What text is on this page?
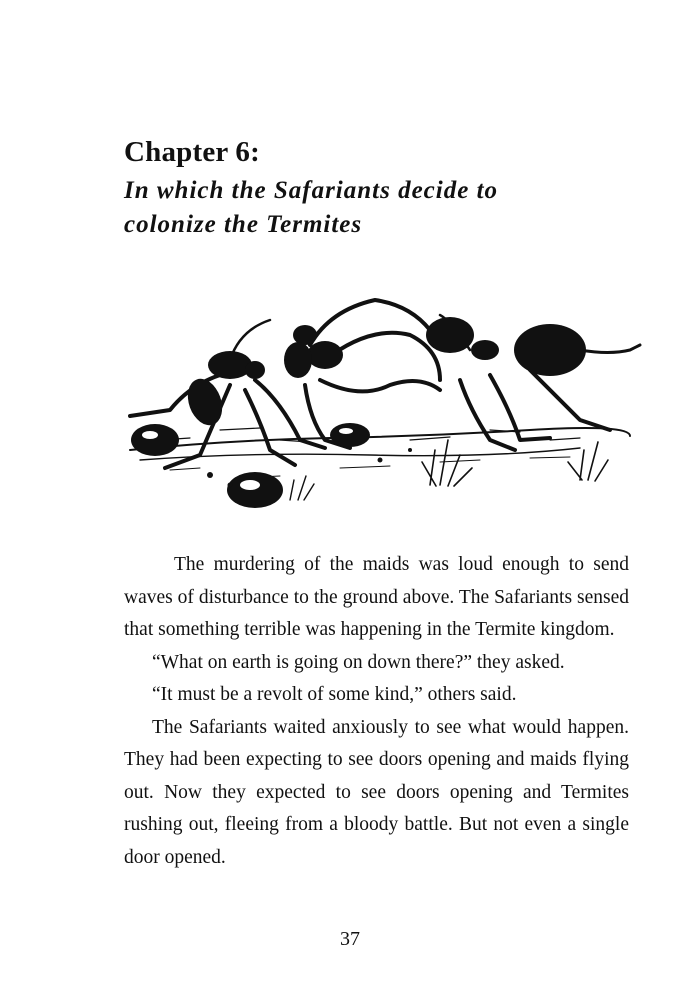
Chapter 6:
In which the Safariants decide to colonize the Termites

The murdering of the maids was loud enough to send waves of disturbance to the ground above. The Safariants sensed that something terrible was happening in the Termite kingdom.

“What on earth is going on down there?” they asked.

“It must be a revolt of some kind,” others said.

The Safariants waited anxiously to see what would happen. They had been expecting to see doors opening and maids flying out. Now they expected to see doors opening and Termites rushing out, fleeing from a bloody battle. But not even a single door opened.

37
